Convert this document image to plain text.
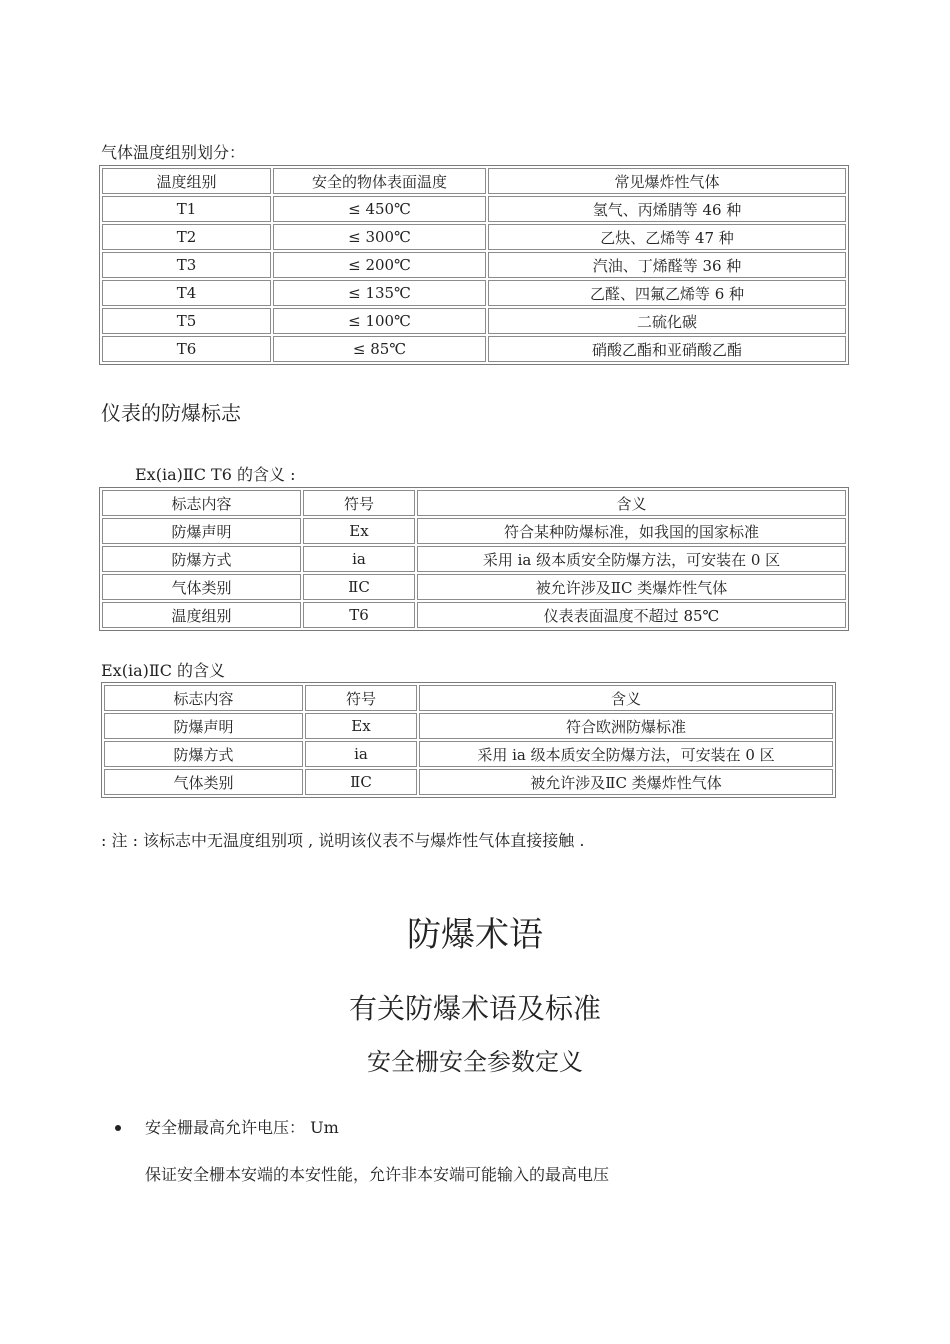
气体温度组别划分：
温度组别	安全的物体表面温度	常见爆炸性气体
T1	≤ 450℃	氢气、丙烯腈等 46 种
T2	≤ 300℃	乙炔、乙烯等 47 种
T3	≤ 200℃	汽油、丁烯醛等 36 种
T4	≤ 135℃	乙醛、四氟乙烯等 6 种
T5	≤ 100℃	二硫化碳
T6	≤ 85℃	硝酸乙酯和亚硝酸乙酯
仪表的防爆标志
Ex(ia)ⅡC T6 的含义 :
标志内容	符号	含义
防爆声明	Ex	符合某种防爆标准，如我国的国家标准
防爆方式	ia	采用 ia 级本质安全防爆方法，可安装在 0 区
气体类别	ⅡC	被允许涉及ⅡC 类爆炸性气体
温度组别	T6	仪表表面温度不超过 85℃
Ex(ia)ⅡC 的含义
标志内容	符号	含义
防爆声明	Ex	符合欧洲防爆标准
防爆方式	ia	采用 ia 级本质安全防爆方法，可安装在 0 区
气体类别	ⅡC	被允许涉及ⅡC 类爆炸性气体
: 注 : 该标志中无温度组别项 , 说明该仪表不与爆炸性气体直接接触 .
防爆术语
有关防爆术语及标准
安全栅安全参数定义
安全栅最高允许电压： Um
保证安全栅本安端的本安性能，允许非本安端可能输入的最高电压
